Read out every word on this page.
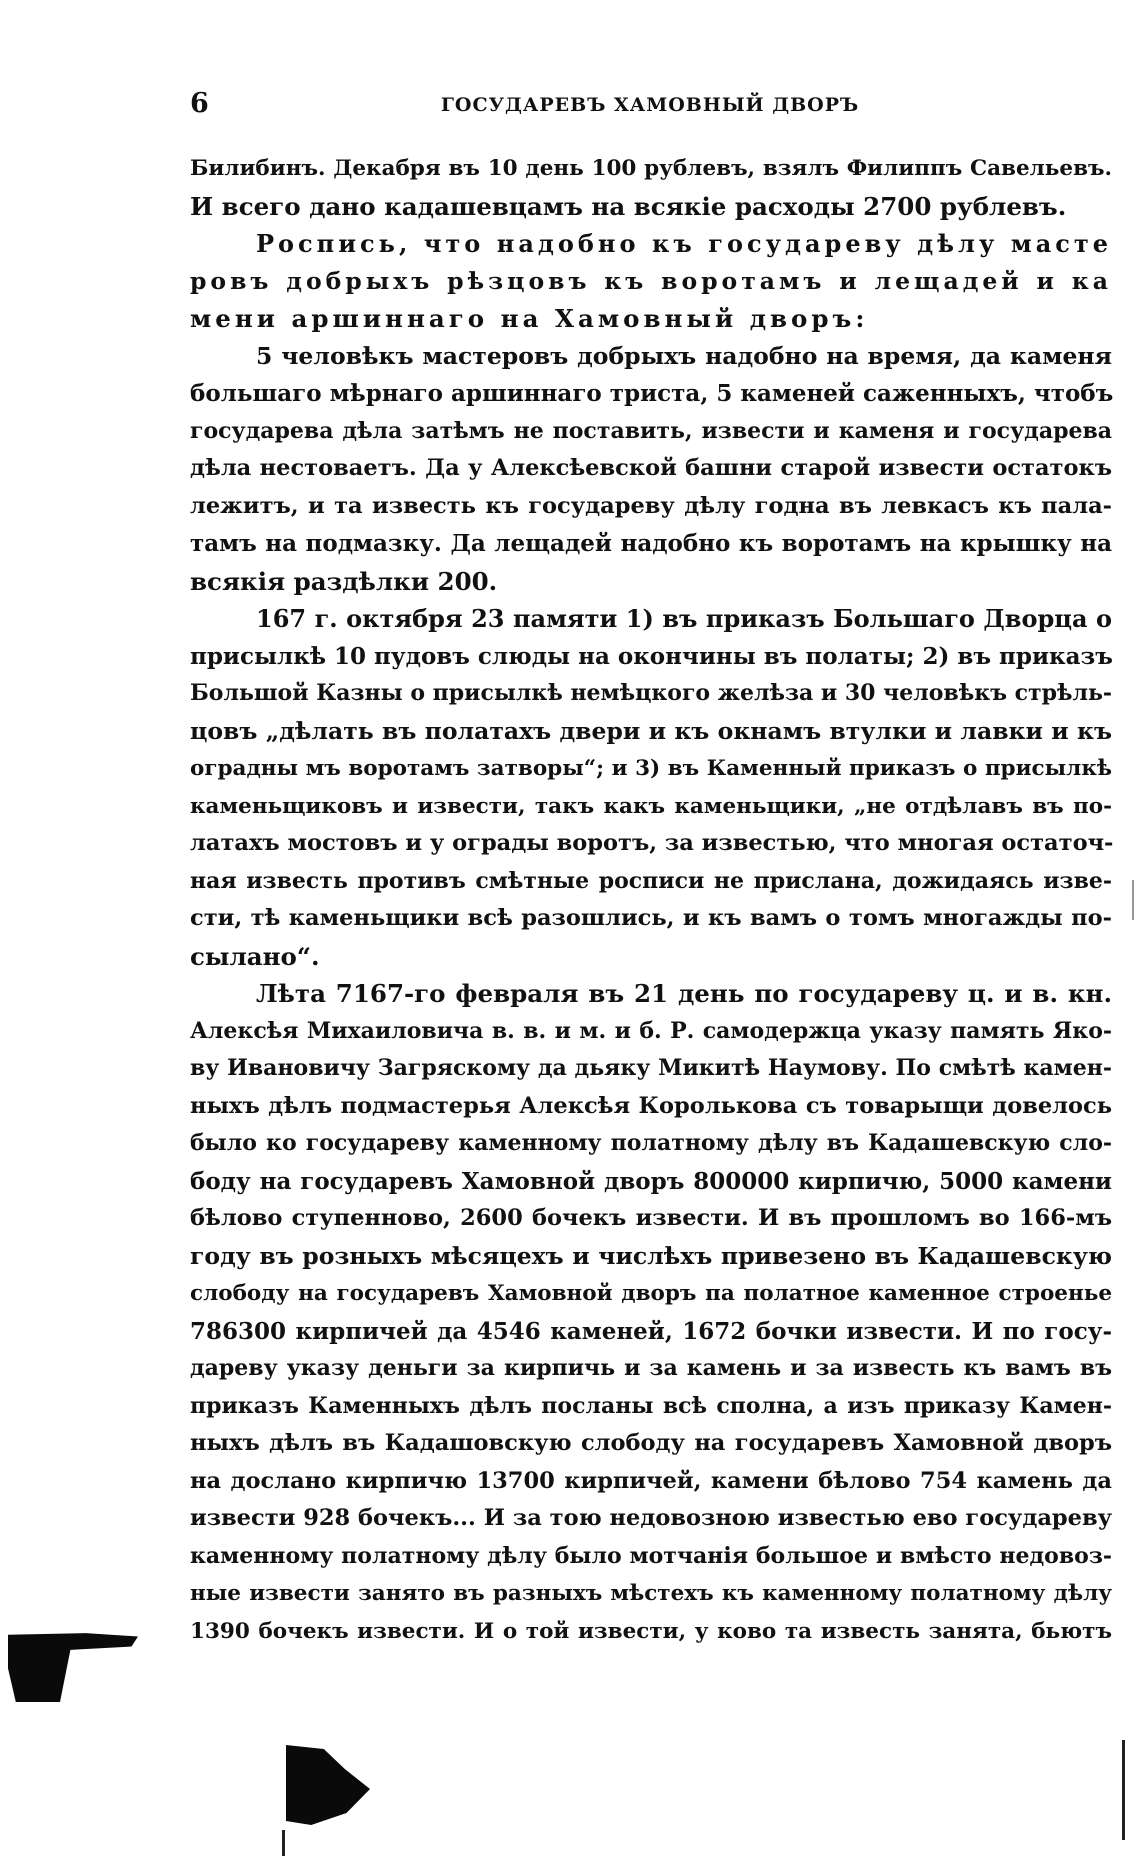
6	ГОСУДАРЕВЪ ХАМОВНЫЙ ДВОРЪ
Билибинъ. Декабря въ 10 день 100 рублевъ, взялъ Филиппъ Савельевъ.
И всего дано кадашевцамъ на всякіе расходы 2700 рублевъ.
Роспись, что надобно къ государеву дѣлу масте
ровъ добрыхъ рѣзцовъ къ воротамъ и лещадей и ка
мени аршиннаго на Хамовный дворъ:
5 человѣкъ мастеровъ добрыхъ надобно на время, да каменя
большаго мѣрнаго аршиннаго триста, 5 каменей саженныхъ, чтобъ
государева дѣла затѣмъ не поставить, извести и каменя и государева
дѣла нестоваетъ. Да у Алексѣевской башни старой извести остатокъ
лежитъ, и та известь къ государеву дѣлу годна въ левкасъ къ пала-
тамъ на подмазку. Да лещадей надобно къ воротамъ на крышку на
всякія раздѣлки 200.
167 г. октября 23 памяти 1) въ приказъ Большаго Дворца о
присылкѣ 10 пудовъ слюды на окончины въ полаты; 2) въ приказъ
Большой Казны о присылкѣ немѣцкого желѣза и 30 человѣкъ стрѣль-
цовъ „дѣлать въ полатахъ двери и къ окнамъ втулки и лавки и къ
оградны мъ воротамъ затворы“; и 3) въ Каменный приказъ о присылкѣ
каменьщиковъ и извести, такъ какъ каменьщики, „не отдѣлавъ въ по-
латахъ мостовъ и у ограды воротъ, за известью, что многая остаточ-
ная известь противъ смѣтные росписи не прислана, дожидаясь изве-
сти, тѣ каменьщики всѣ разошлись, и къ вамъ о томъ многажды по-
сылано“.
Лѣта 7167-го февраля въ 21 день по государеву ц. и в. кн.
Алексѣя Михаиловича в. в. и м. и б. Р. самодержца указу память Яко-
ву Ивановичу Загряскому да дьяку Микитѣ Наумову. По смѣтѣ камен-
ныхъ дѣлъ подмастерья Алексѣя Королькова съ товарыщи довелось
было ко государеву каменному полатному дѣлу въ Кадашевскую сло-
боду на государевъ Хамовной дворъ 800000 кирпичю, 5000 камени
бѣлово ступенново, 2600 бочекъ извести. И въ прошломъ во 166-мъ
году въ розныхъ мѣсяцехъ и числѣхъ привезено въ Кадашевскую
слободу на государевъ Хамовной дворъ па полатное каменное строенье
786300 кирпичей да 4546 каменей, 1672 бочки извести. И по госу-
дареву указу деньги за кирпичь и за камень и за известь къ вамъ въ
приказъ Каменныхъ дѣлъ посланы всѣ сполна, а изъ приказу Камен-
ныхъ дѣлъ въ Кадашовскую слободу на государевъ Хамовной дворъ
на дослано кирпичю 13700 кирпичей, камени бѣлово 754 камень да
извести 928 бочекъ... И за тою недовозною известью ево государеву
каменному полатному дѣлу было мотчанія большое и вмѣсто недовоз-
ные извести занято въ разныхъ мѣстехъ къ каменному полатному дѣлу
1390 бочекъ извести. И о той извести, у ково та известь занята, бьютъ
